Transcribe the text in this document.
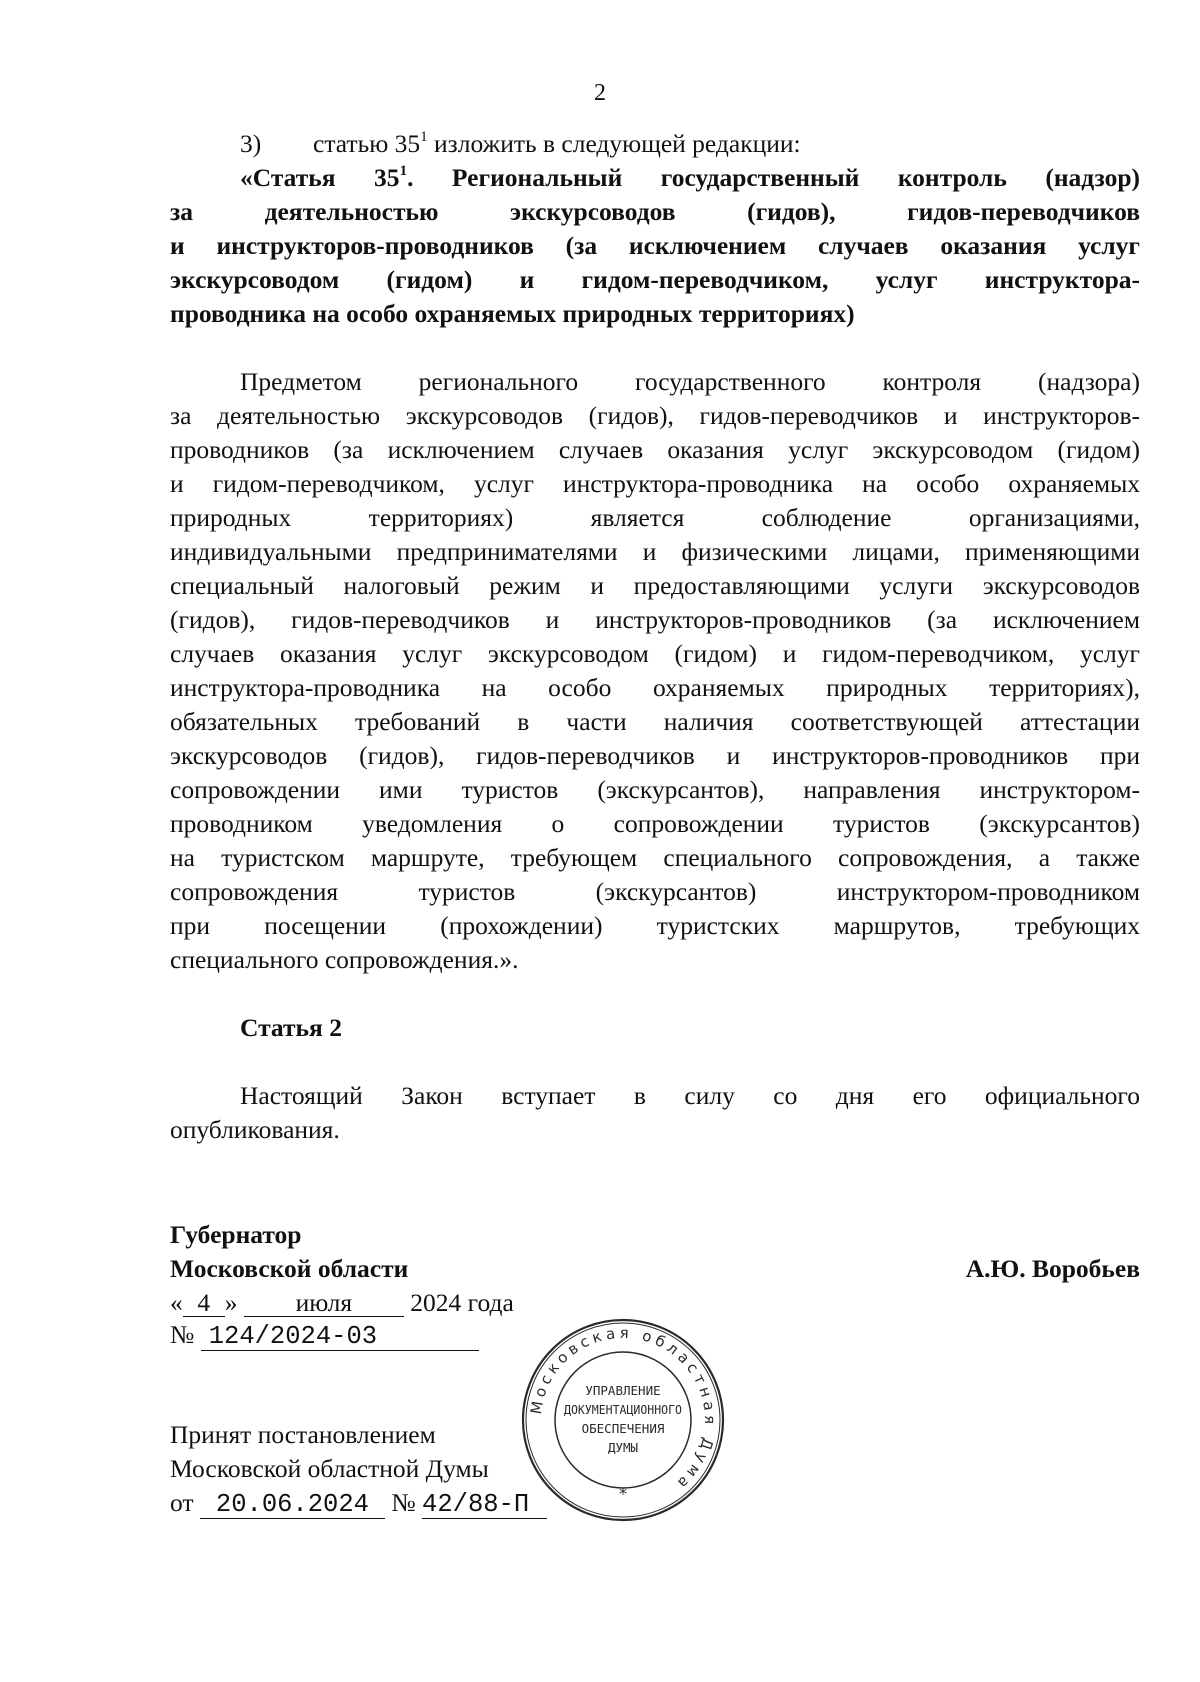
2
3) статью $35^1$ изложить в следующей редакции:
«Статья $35^1$. Региональный государственный контроль (надзор)
за деятельностью экскурсоводов (гидов), гидов-переводчиков
и инструкторов-проводников (за исключением случаев оказания услуг
экскурсоводом (гидом) и гидом-переводчиком, услуг инструктора-
проводника на особо охраняемых природных территориях)
Предметом регионального государственного контроля (надзора)
за деятельностью экскурсоводов (гидов), гидов-переводчиков и инструкторов-
проводников (за исключением случаев оказания услуг экскурсоводом (гидом)
и гидом-переводчиком, услуг инструктора-проводника на особо охраняемых
природных территориях) является соблюдение организациями,
индивидуальными предпринимателями и физическими лицами, применяющими
специальный налоговый режим и предоставляющими услуги экскурсоводов
(гидов), гидов-переводчиков и инструкторов-проводников (за исключением
случаев оказания услуг экскурсоводом (гидом) и гидом-переводчиком, услуг
инструктора-проводника на особо охраняемых природных территориях),
обязательных требований в части наличия соответствующей аттестации
экскурсоводов (гидов), гидов-переводчиков и инструкторов-проводников при
сопровождении ими туристов (экскурсантов), направления инструктором-
проводником уведомления о сопровождении туристов (экскурсантов)
на туристском маршруте, требующем специального сопровождения, а также
сопровождения туристов (экскурсантов) инструктором-проводником
при посещении (прохождении) туристских маршрутов, требующих
специального сопровождения.».
Статья 2
Настоящий Закон вступает в силу со дня его официального
опубликования.
Губернатор
Московской области	А.Ю. Воробьев
« 4 » июля 2024 года
№ 124/2024-03
Принят постановлением
Московской областной Думы
от 20.06.2024 № 42/88-П
Московская областная Дума
*
УПРАВЛЕНИЕ
ДОКУМЕНТАЦИОННОГО
ОБЕСПЕЧЕНИЯ
ДУМЫ
